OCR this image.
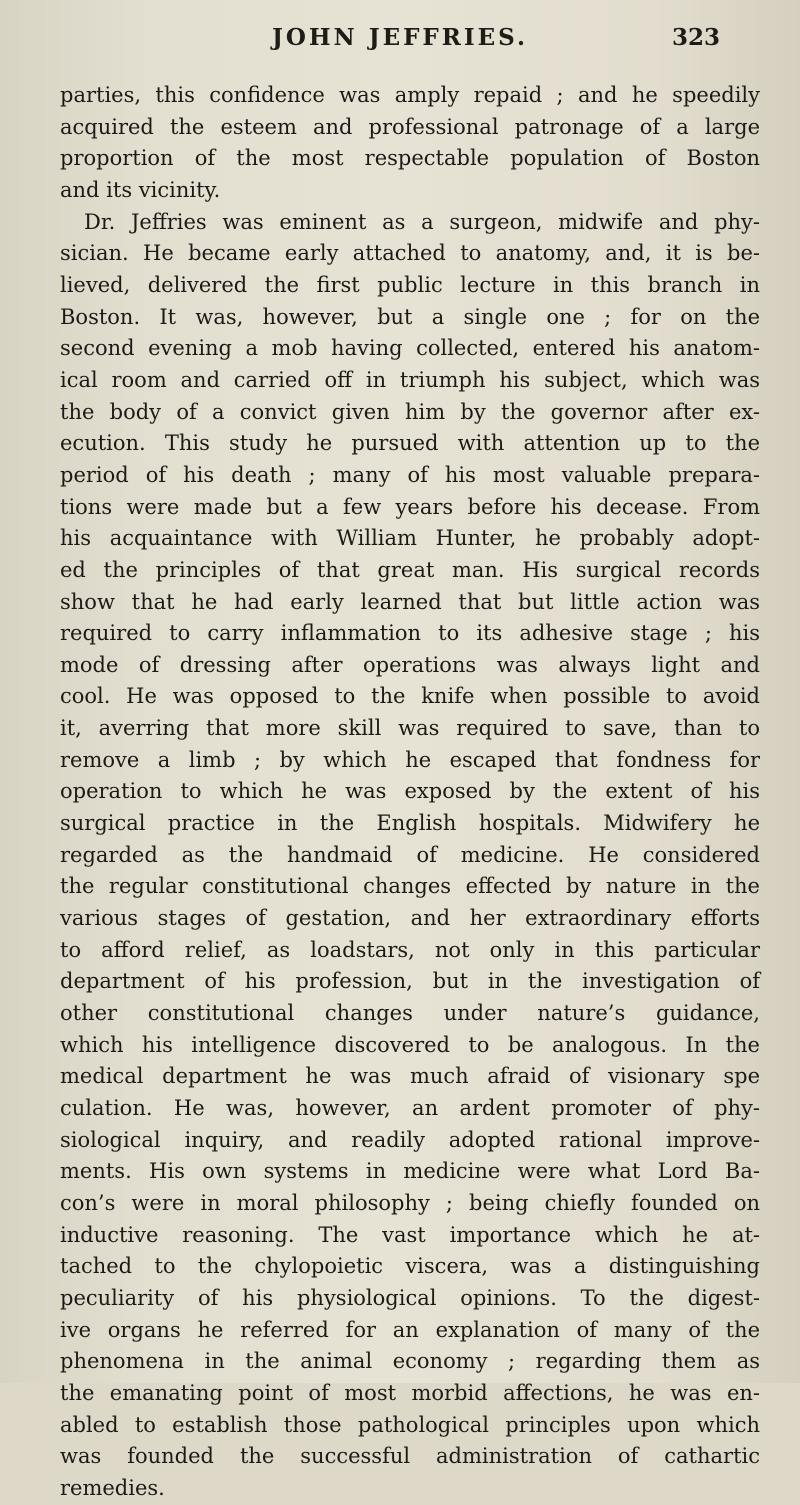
JOHN JEFFRIES.	323
parties, this confidence was amply repaid ; and he speedily
acquired the esteem and professional patronage of a large
proportion of the most respectable population of Boston
and its vicinity.
Dr. Jeffries was eminent as a surgeon, midwife and phy-
sician. He became early attached to anatomy, and, it is be-
lieved, delivered the first public lecture in this branch in
Boston. It was, however, but a single one ; for on the
second evening a mob having collected, entered his anatom-
ical room and carried off in triumph his subject, which was
the body of a convict given him by the governor after ex-
ecution. This study he pursued with attention up to the
period of his death ; many of his most valuable prepara-
tions were made but a few years before his decease. From
his acquaintance with William Hunter, he probably adopt-
ed the principles of that great man. His surgical records
show that he had early learned that but little action was
required to carry inflammation to its adhesive stage ; his
mode of dressing after operations was always light and
cool. He was opposed to the knife when possible to avoid
it, averring that more skill was required to save, than to
remove a limb ; by which he escaped that fondness for
operation to which he was exposed by the extent of his
surgical practice in the English hospitals. Midwifery he
regarded as the handmaid of medicine. He considered
the regular constitutional changes effected by nature in the
various stages of gestation, and her extraordinary efforts
to afford relief, as loadstars, not only in this particular
department of his profession, but in the investigation of
other constitutional changes under nature’s guidance,
which his intelligence discovered to be analogous. In the
medical department he was much afraid of visionary spe
culation. He was, however, an ardent promoter of phy-
siological inquiry, and readily adopted rational improve-
ments. His own systems in medicine were what Lord Ba-
con’s were in moral philosophy ; being chiefly founded on
inductive reasoning. The vast importance which he at-
tached to the chylopoietic viscera, was a distinguishing
peculiarity of his physiological opinions. To the digest-
ive organs he referred for an explanation of many of the
phenomena in the animal economy ; regarding them as
the emanating point of most morbid affections, he was en-
abled to establish those pathological principles upon which
was founded the successful administration of cathartic
remedies.
